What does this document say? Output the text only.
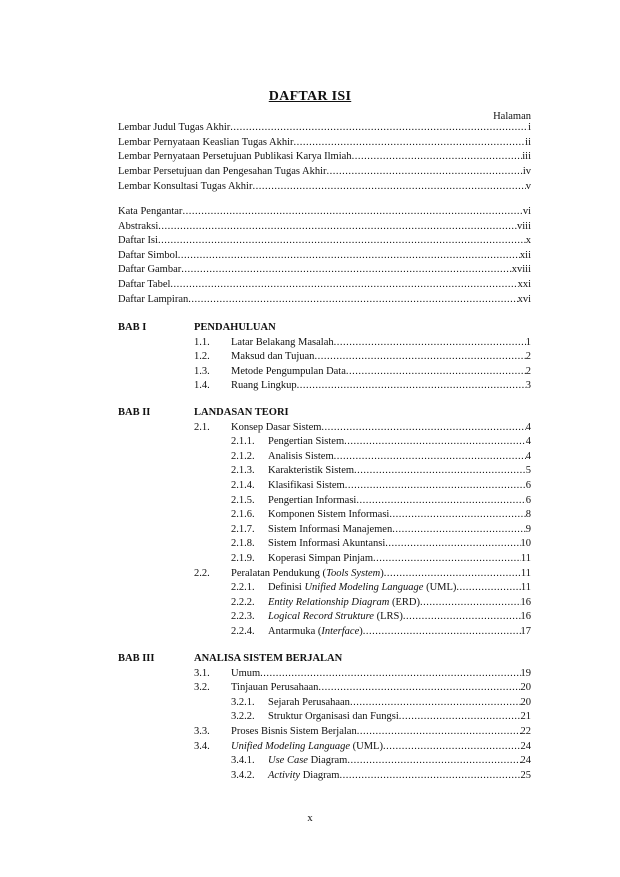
DAFTAR ISI
Halaman
Lembar Judul Tugas Akhir .....	i
Lembar Pernyataan Keaslian Tugas Akhir .....	ii
Lembar Pernyataan Persetujuan Publikasi Karya Ilmiah .....	iii
Lembar Persetujuan dan Pengesahan Tugas Akhir .....	iv
Lembar Konsultasi Tugas Akhir .....	v
Kata Pengantar .....	vi
Abstraksi .....	viii
Daftar Isi .....	x
Daftar Simbol .....	xii
Daftar Gambar .....	xviii
Daftar Tabel .....	xxi
Daftar Lampiran .....	xvi
BAB I	PENDAHULUAN
1.1. Latar Belakang Masalah .....	1
1.2. Maksud dan Tujuan .....	2
1.3. Metode Pengumpulan Data .....	2
1.4. Ruang Lingkup .....	3
BAB II	LANDASAN TEORI
2.1. Konsep Dasar Sistem .....	4
2.1.1. Pengertian Sistem .....	4
2.1.2. Analisis Sistem .....	4
2.1.3. Karakteristik Sistem .....	5
2.1.4. Klasifikasi Sistem .....	6
2.1.5. Pengertian Informasi .....	6
2.1.6. Komponen Sistem Informasi .....	8
2.1.7. Sistem Informasi Manajemen .....	9
2.1.8. Sistem Informasi Akuntansi .....	10
2.1.9. Koperasi Simpan Pinjam .....	11
2.2. Peralatan Pendukung (Tools System) .....	11
2.2.1. Definisi Unified Modeling Language (UML) .....	11
2.2.2. Entity Relationship Diagram (ERD) .....	16
2.2.3. Logical Record Strukture (LRS) .....	16
2.2.4. Antarmuka (Interface) .....	17
BAB III	ANALISA SISTEM BERJALAN
3.1. Umum .....	19
3.2. Tinjauan Perusahaan .....	20
3.2.1. Sejarah Perusahaan .....	20
3.2.2. Struktur Organisasi dan Fungsi .....	21
3.3. Proses Bisnis Sistem Berjalan .....	22
3.4. Unified Modeling Language (UML) .....	24
3.4.1. Use Case Diagram .....	24
3.4.2. Activity Diagram .....	25
x
